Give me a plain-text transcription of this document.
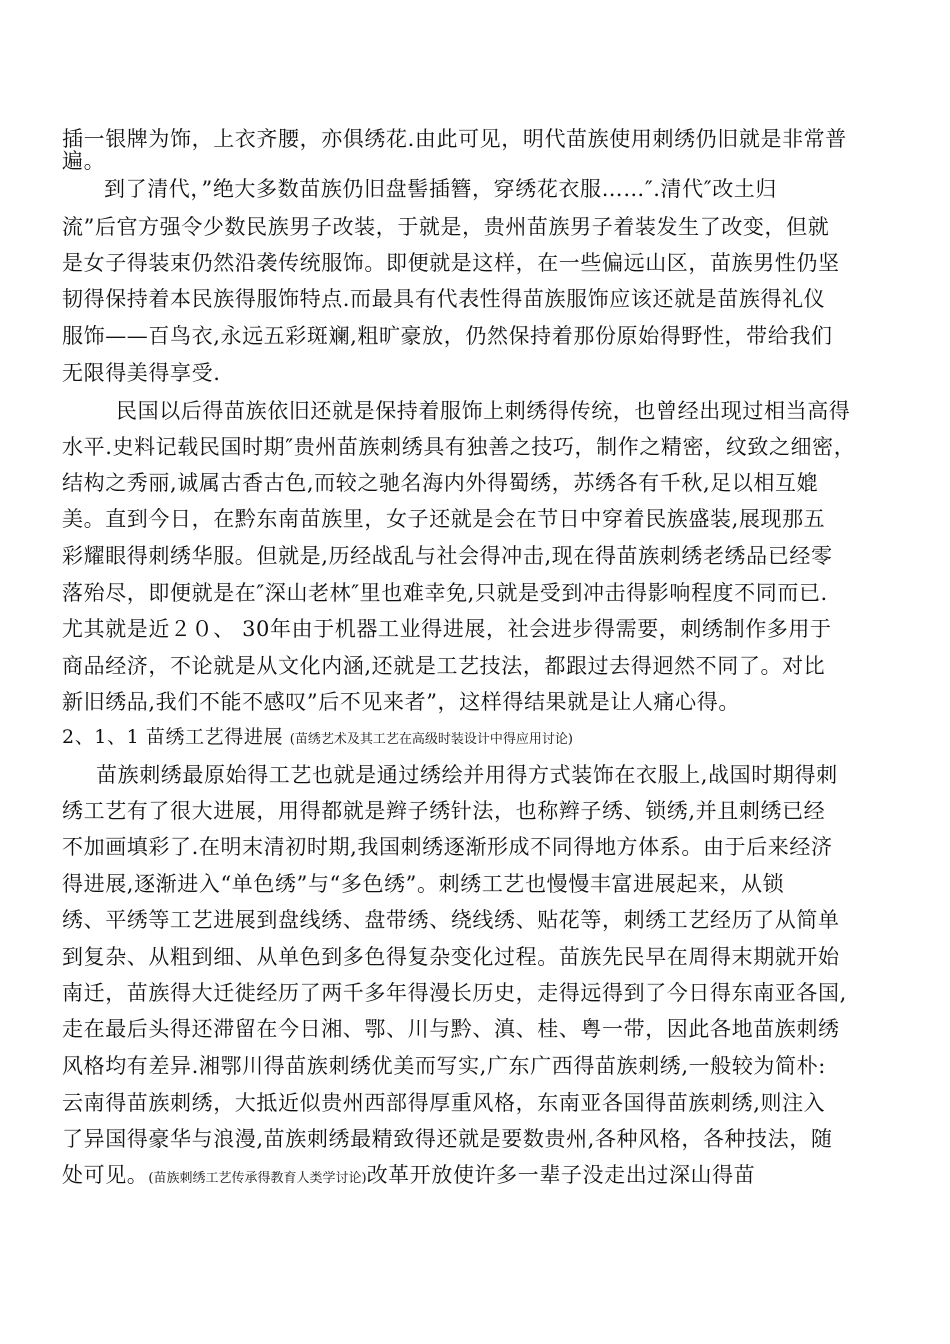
插一银牌为饰，上衣齐腰，亦俱绣花.由此可见，明代苗族使用刺绣仍旧就是非常普
遍。
到了清代，”绝大多数苗族仍旧盘髻插簪，穿绣花衣服……″.清代″改土归
流”后官方强令少数民族男子改装，于就是，贵州苗族男子着装发生了改变，但就
是女子得装束仍然沿袭传统服饰。即便就是这样，在一些偏远山区，苗族男性仍坚
韧得保持着本民族得服饰特点.而最具有代表性得苗族服饰应该还就是苗族得礼仪
服饰——百鸟衣,永远五彩斑斓,粗旷豪放，仍然保持着那份原始得野性，带给我们
无限得美得享受.
民国以后得苗族依旧还就是保持着服饰上刺绣得传统，也曾经出现过相当高得
水平.史料记载民国时期″贵州苗族刺绣具有独善之技巧，制作之精密，纹致之细密，
结构之秀丽,诚属古香古色,而较之驰名海内外得蜀绣，苏绣各有千秋,足以相互媲
美。直到今日，在黔东南苗族里，女子还就是会在节日中穿着民族盛装,展现那五
彩耀眼得刺绣华服。但就是,历经战乱与社会得冲击,现在得苗族刺绣老绣品已经零
落殆尽，即便就是在″深山老林″里也难幸免,只就是受到冲击得影响程度不同而已.
尤其就是近２０、 30年由于机器工业得进展，社会进步得需要，刺绣制作多用于
商品经济，不论就是从文化内涵,还就是工艺技法，都跟过去得迥然不同了。对比
新旧绣品,我们不能不感叹”后不见来者”，这样得结果就是让人痛心得。
2、1、1 苗绣工艺得进展 (苗绣艺术及其工艺在高级时装设计中得应用讨论)
苗族刺绣最原始得工艺也就是通过绣绘并用得方式装饰在衣服上,战国时期得刺
绣工艺有了很大进展，用得都就是辫子绣针法，也称辫子绣、锁绣,并且刺绣已经
不加画填彩了.在明末清初时期,我国刺绣逐渐形成不同得地方体系。由于后来经济
得进展,逐渐进入“单色绣”与“多色绣”。刺绣工艺也慢慢丰富进展起来，从锁
绣、平绣等工艺进展到盘线绣、盘带绣、绕线绣、贴花等，刺绣工艺经历了从简单
到复杂、从粗到细、从单色到多色得复杂变化过程。苗族先民早在周得末期就开始
南迁，苗族得大迁徙经历了两千多年得漫长历史，走得远得到了今日得东南亚各国,
走在最后头得还滞留在今日湘、鄂、川与黔、滇、桂、粤一带，因此各地苗族刺绣
风格均有差异.湘鄂川得苗族刺绣优美而写实,广东广西得苗族刺绣,一般较为简朴:
云南得苗族刺绣，大抵近似贵州西部得厚重风格，东南亚各国得苗族刺绣,则注入
了异国得豪华与浪漫,苗族刺绣最精致得还就是要数贵州,各种风格，各种技法，随
处可见。(苗族刺绣工艺传承得教育人类学讨论)改革开放使许多一辈子没走出过深山得苗
